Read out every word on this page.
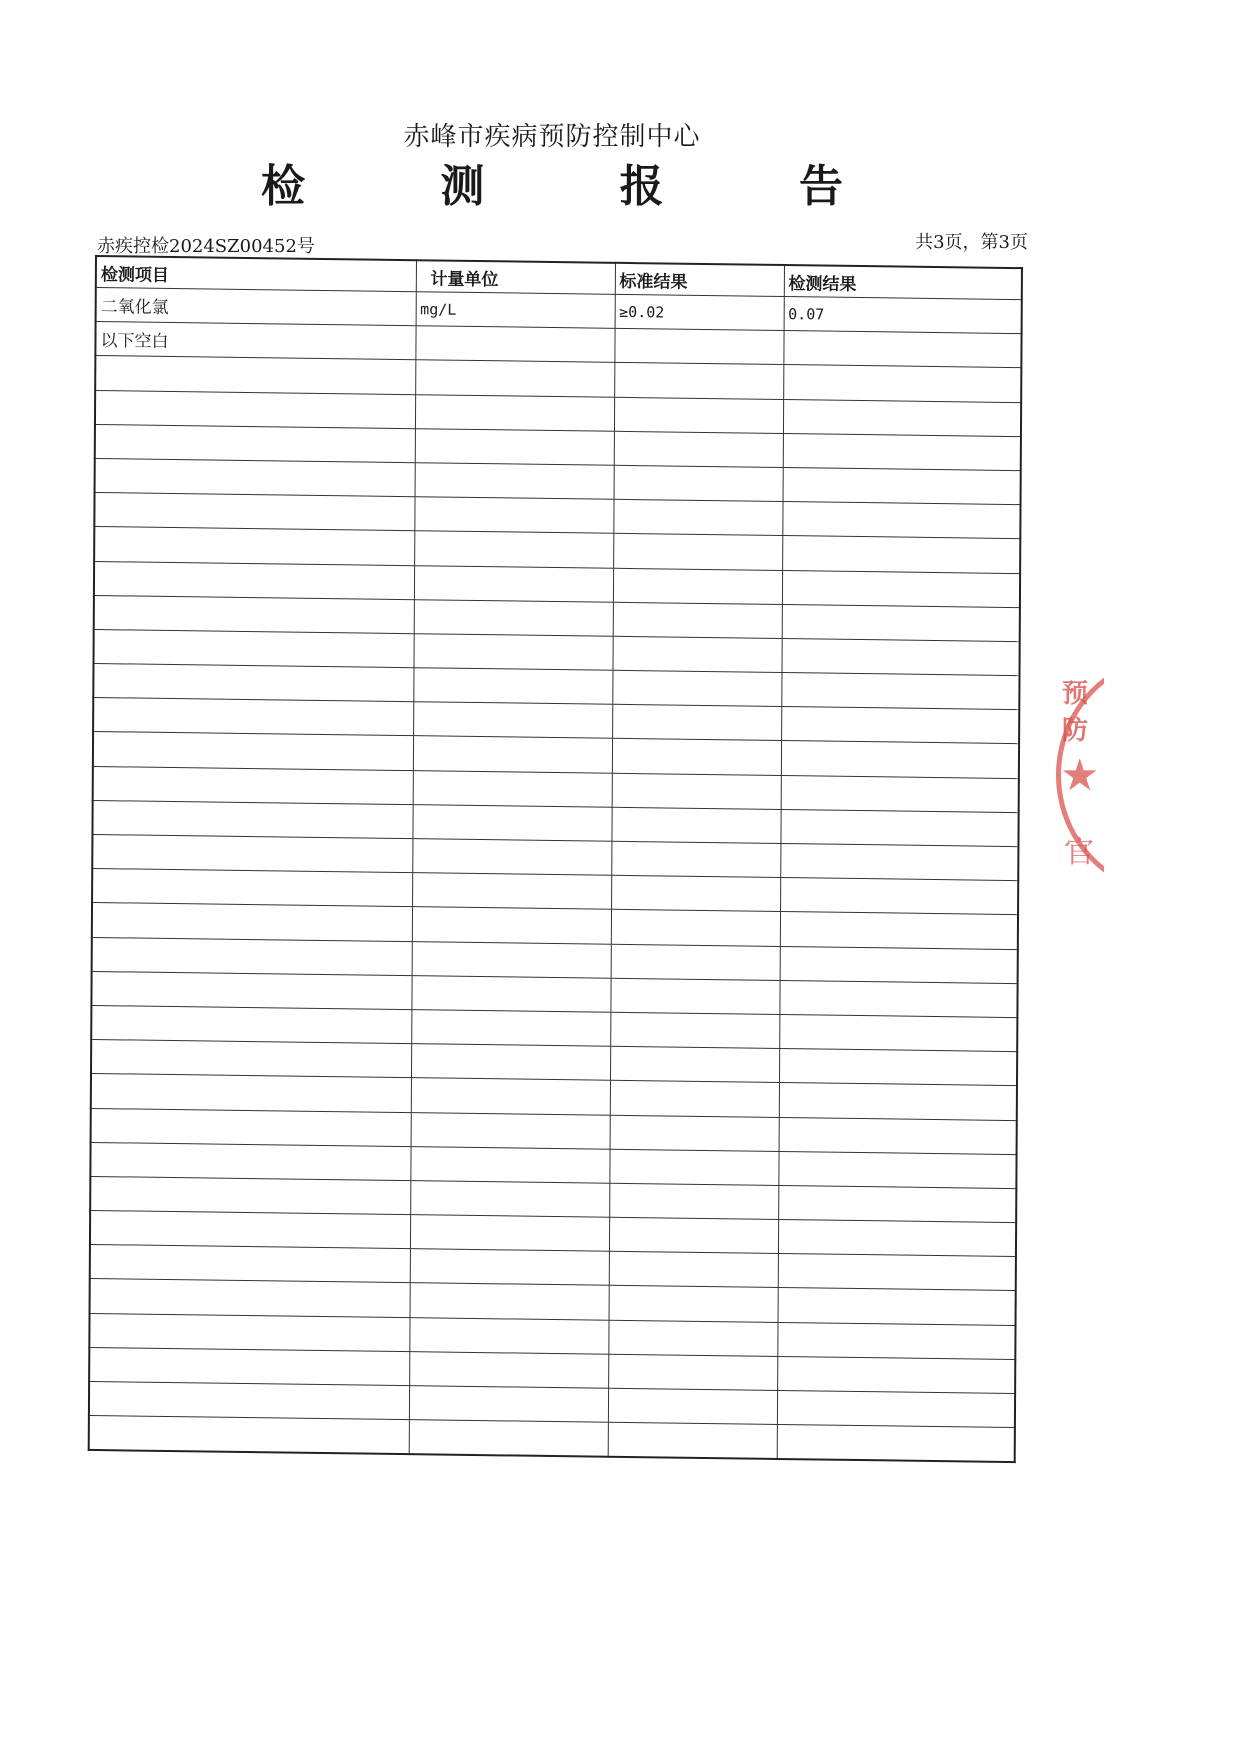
赤峰市疾病预防控制中心
检 测 报 告
赤疾控检2024SZ00452号	共3页，第3页
检测项目	计量单位	标准结果	检测结果
二氧化氯	mg/L	≥0.02	0.07
以下空白			

预防
★
官
